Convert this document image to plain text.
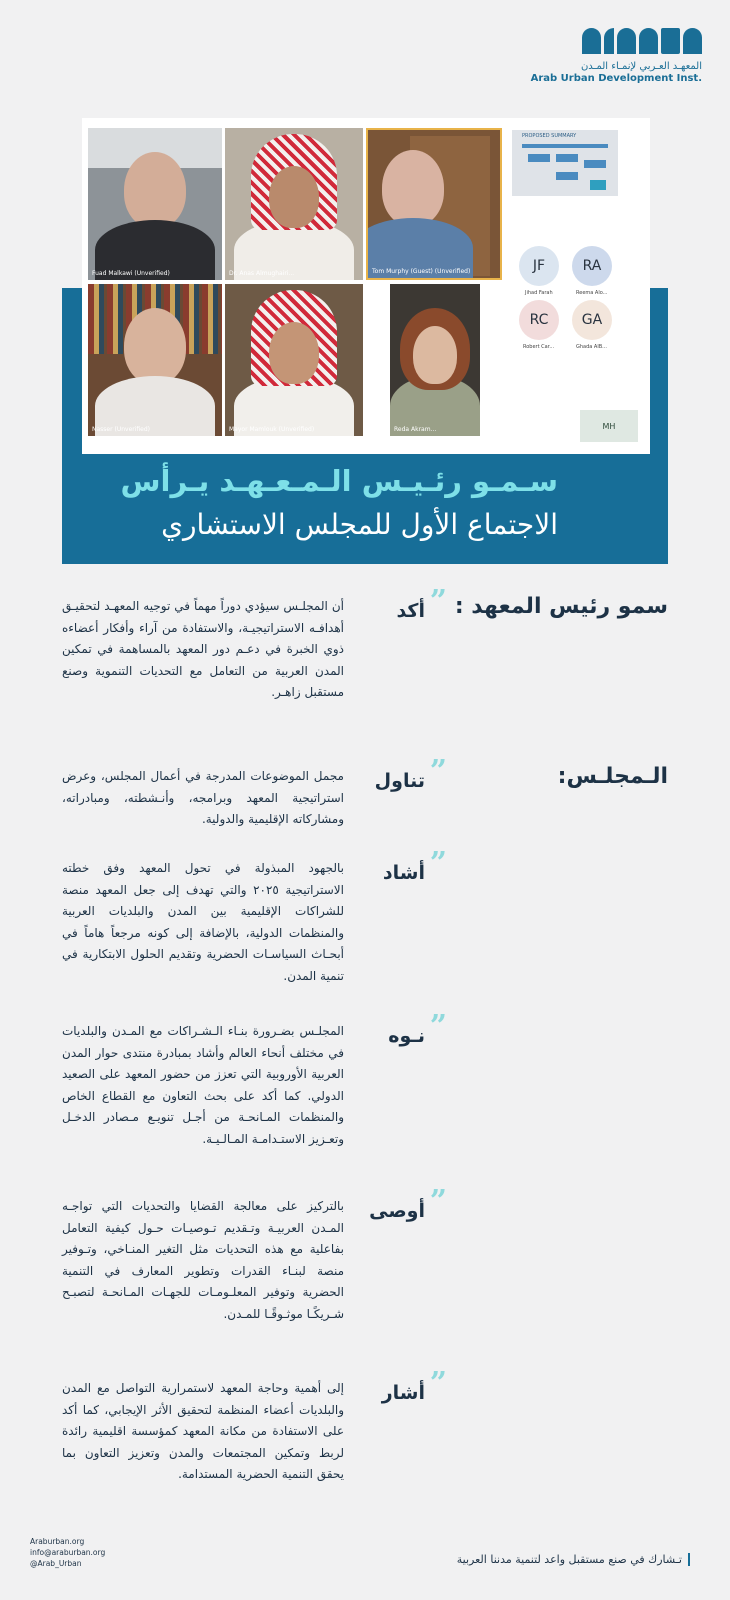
المعهـد العـربي لإنمـاء المـدن
Arab Urban Development Inst.
Fuad Malkawi (Unverified)	Dr. Anas Almughairi...	Tom Murphy (Guest) (Unverified)
PROPOSED SUMMARY
Nasser (Unverified)	Mayor Mamlouk (Unverified)	Reda Akram...
JF
Jihad Farah
RA
Reema Alo...
RC
Robert Car...
GA
Ghada AlB...
MH
سـمـو رئـيـس الـمـعـهـد يـرأس
الاجتماع الأول للمجلس الاستشاري
سمو رئيس المعهد :
”
أكد
أن المجلـس سيؤدي دوراً مهماً في توجيه المعهـد لتحقيـق أهدافـه الاستراتيجيـة، والاستفادة من آراء وأفكار أعضاءه ذوي الخبرة في دعـم دور المعهد بالمساهمة في تمكين المدن العربية من التعامل مع التحديات التنموية وصنع مستقبل زاهـر.
الـمجلـس:
”
تناول
مجمل الموضوعات المدرجة في أعمال المجلس، وعرض استراتيجية المعهد وبرامجه، وأنـشطته، ومبادراته، ومشاركاته الإقليمية والدولية.
”
أشاد
بالجهود المبذولة في تحول المعهد وفق خطته الاستراتيجية ٢٠٢٥ والتي تهدف إلى جعل المعهد منصة للشراكات الإقليمية بين المدن والبلديات العربية والمنظمات الدولية، بالإضافة إلى كونه مرجعاً هاماً في أبحـاث السياسـات الحضرية وتقديم الحلول الابتكارية في تنمية المدن.
”
نـوه
المجلـس بضـرورة بنـاء الـشـراكات مع المـدن والبلديات في مختلف أنحاء العالم وأشاد بمبادرة منتدى حوار المدن العربية الأوروبية التي تعزز من حضور المعهد على الصعيد الدولي. كما أكد على بحث التعاون مع القطاع الخاص والمنظمات المـانحـة من أجـل تنويـع مـصادر الدخـل وتعـزيز الاستـدامـة المـالـيـة.
”
أوصى
بالتركيز على معالجة القضايا والتحديات التي تواجـه المـدن العربيـة وتـقديم تـوصيـات حـول كيفية التعامل بفاعلية مع هذه التحديات مثل التغير المنـاخي، وتـوفير منصة لبنـاء القدرات وتطوير المعارف في التنمية الحضرية وتوفير المعلـومـات للجهـات المـانحـة لتصبـح شـريكًـا موثـوقًـا للمـدن.
”
أشار
إلى أهمية وحاجة المعهد لاستمرارية التواصل مع المدن والبلديات أعضاء المنظمة لتحقيق الأثر الإيجابي، كما أكد على الاستفادة من مكانة المعهد كمؤسسة اقليمية رائدة لربط وتمكين المجتمعات والمدن وتعزيز التعاون بما يحقق التنمية الحضرية المستدامة.
Araburban.org
info@araburban.org
@Arab_Urban	تـشارك في صنع مستقبل واعد لتنمية مدننا العربية
